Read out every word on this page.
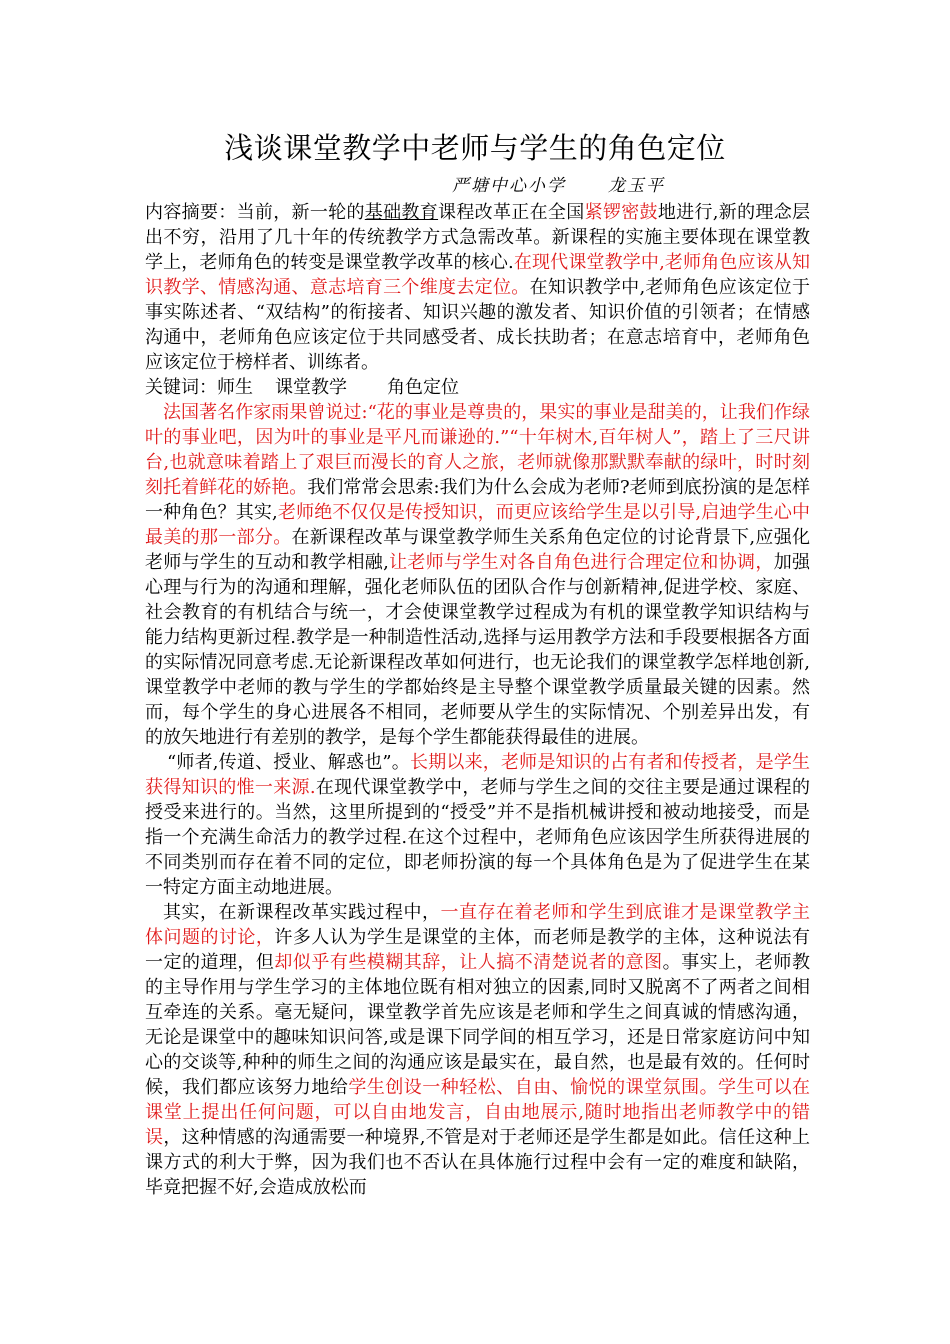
浅谈课堂教学中老师与学生的角色定位
严塘中心小学 龙玉平

内容摘要：当前，新一轮的基础教育课程改革正在全国紧锣密鼓地进行,新的理念层出不穷，沿用了几十年的传统教学方式急需改革。新课程的实施主要体现在课堂教学上，老师角色的转变是课堂教学改革的核心.在现代课堂教学中,老师角色应该从知识教学、情感沟通、意志培育三个维度去定位。在知识教学中,老师角色应该定位于事实陈述者、“双结构”的衔接者、知识兴趣的激发者、知识价值的引领者；在情感沟通中，老师角色应该定位于共同感受者、成长扶助者；在意志培育中，老师角色应该定位于榜样者、训练者。

关键词：师生 课堂教学 角色定位

法国著名作家雨果曾说过:“花的事业是尊贵的，果实的事业是甜美的，让我们作绿叶的事业吧，因为叶的事业是平凡而谦逊的.”“十年树木,百年树人”，踏上了三尺讲台,也就意味着踏上了艰巨而漫长的育人之旅，老师就像那默默奉献的绿叶，时时刻刻托着鲜花的娇艳。我们常常会思索:我们为什么会成为老师?老师到底扮演的是怎样一种角色？其实,老师绝不仅仅是传授知识，而更应该给学生是以引导,启迪学生心中最美的那一部分。在新课程改革与课堂教学师生关系角色定位的讨论背景下,应强化老师与学生的互动和教学相融,让老师与学生对各自角色进行合理定位和协调，加强心理与行为的沟通和理解，强化老师队伍的团队合作与创新精神,促进学校、家庭、社会教育的有机结合与统一，才会使课堂教学过程成为有机的课堂教学知识结构与能力结构更新过程.教学是一种制造性活动,选择与运用教学方法和手段要根据各方面的实际情况同意考虑.无论新课程改革如何进行，也无论我们的课堂教学怎样地创新,课堂教学中老师的教与学生的学都始终是主导整个课堂教学质量最关键的因素。然而，每个学生的身心进展各不相同，老师要从学生的实际情况、个别差异出发，有的放矢地进行有差别的教学，是每个学生都能获得最佳的进展。

“师者,传道、授业、解惑也”。长期以来，老师是知识的占有者和传授者，是学生获得知识的惟一来源.在现代课堂教学中，老师与学生之间的交往主要是通过课程的授受来进行的。当然，这里所提到的“授受”并不是指机械讲授和被动地接受，而是指一个充满生命活力的教学过程.在这个过程中，老师角色应该因学生所获得进展的不同类别而存在着不同的定位，即老师扮演的每一个具体角色是为了促进学生在某一特定方面主动地进展。

其实，在新课程改革实践过程中，一直存在着老师和学生到底谁才是课堂教学主体问题的讨论，许多人认为学生是课堂的主体，而老师是教学的主体，这种说法有一定的道理，但却似乎有些模糊其辞，让人搞不清楚说者的意图。事实上，老师教的主导作用与学生学习的主体地位既有相对独立的因素,同时又脱离不了两者之间相互牵连的关系。毫无疑问，课堂教学首先应该是老师和学生之间真诚的情感沟通，无论是课堂中的趣味知识问答,或是课下同学间的相互学习，还是日常家庭访问中知心的交谈等,种种的师生之间的沟通应该是最实在，最自然，也是最有效的。任何时候，我们都应该努力地给学生创设一种轻松、自由、愉悦的课堂氛围。学生可以在课堂上提出任何问题，可以自由地发言，自由地展示,随时地指出老师教学中的错误，这种情感的沟通需要一种境界,不管是对于老师还是学生都是如此。信任这种上课方式的利大于弊，因为我们也不否认在具体施行过程中会有一定的难度和缺陷，毕竟把握不好,会造成放松而
